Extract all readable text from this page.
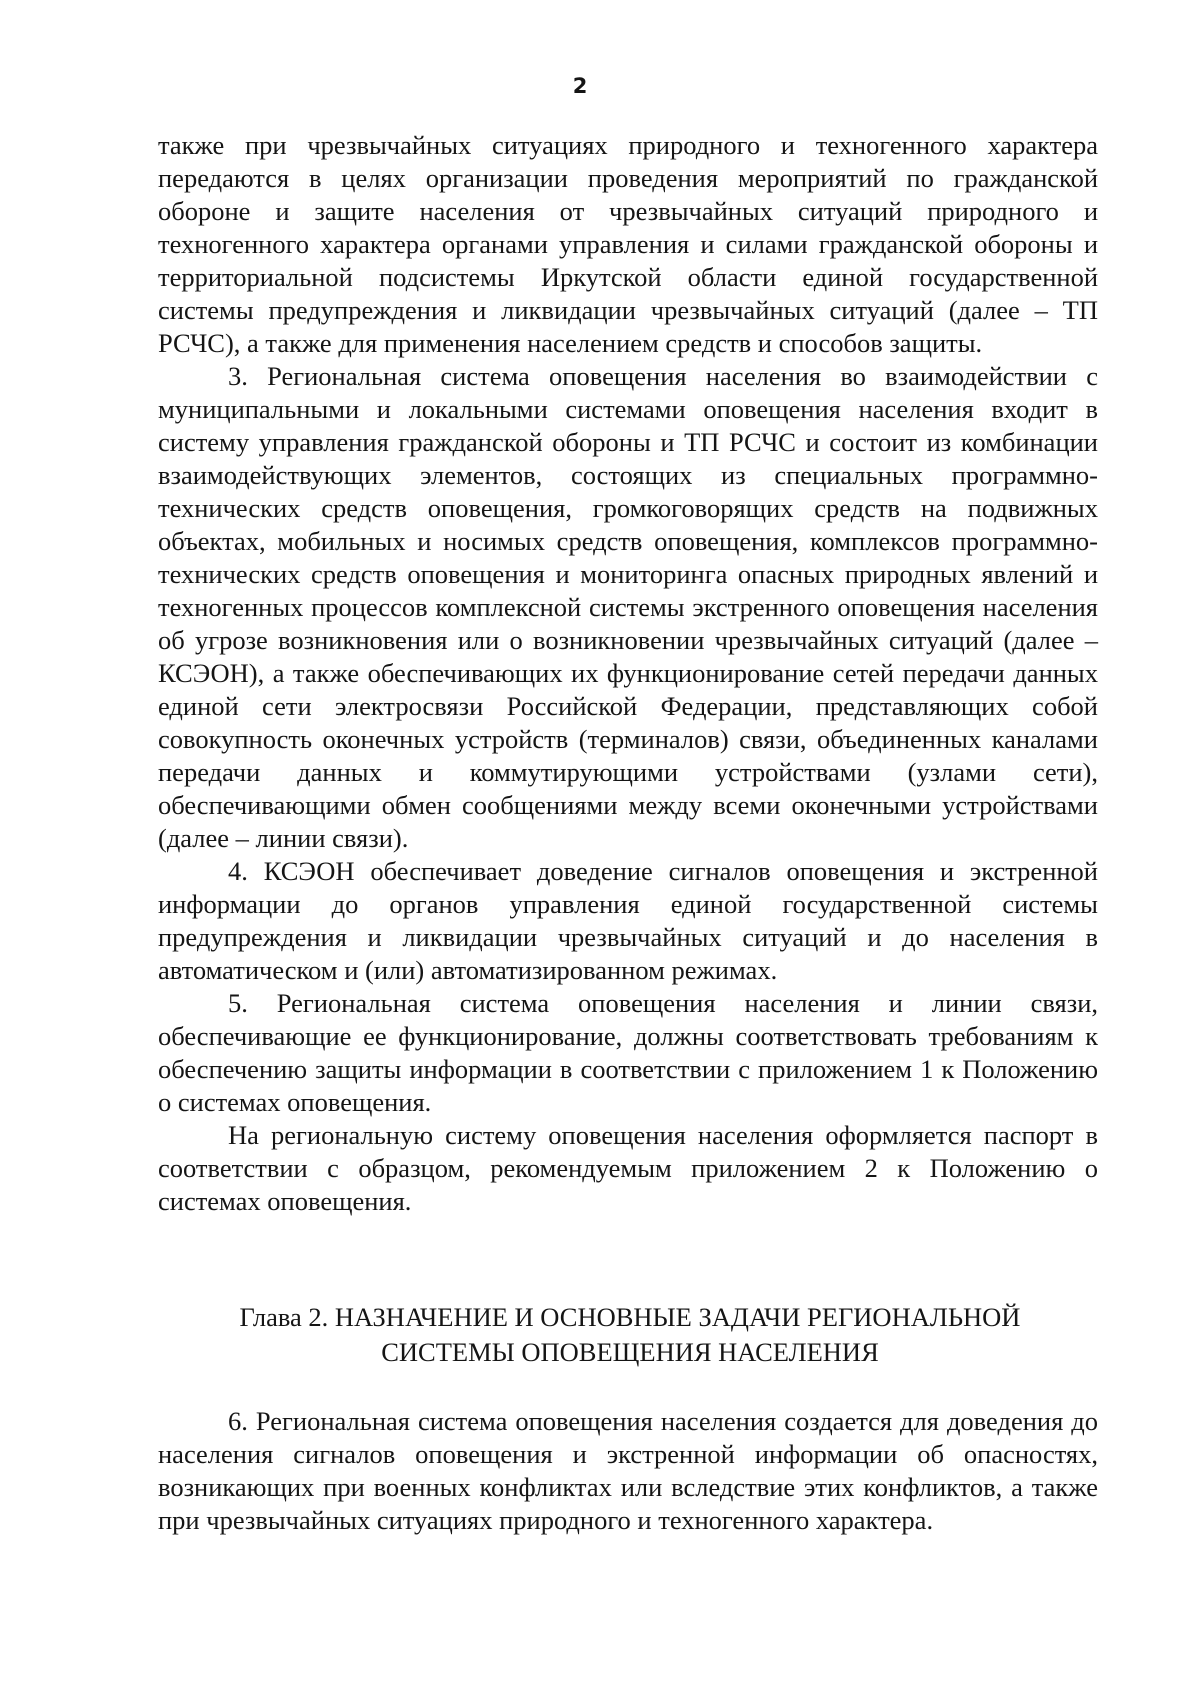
2

также при чрезвычайных ситуациях природного и техногенного характера передаются в целях организации проведения мероприятий по гражданской обороне и защите населения от чрезвычайных ситуаций природного и техногенного характера органами управления и силами гражданской обороны и территориальной подсистемы Иркутской области единой государственной системы предупреждения и ликвидации чрезвычайных ситуаций (далее – ТП РСЧС), а также для применения населением средств и способов защиты.

3. Региональная система оповещения населения во взаимодействии с муниципальными и локальными системами оповещения населения входит в систему управления гражданской обороны и ТП РСЧС и состоит из комбинации взаимодействующих элементов, состоящих из специальных программно-технических средств оповещения, громкоговорящих средств на подвижных объектах, мобильных и носимых средств оповещения, комплексов программно-технических средств оповещения и мониторинга опасных природных явлений и техногенных процессов комплексной системы экстренного оповещения населения об угрозе возникновения или о возникновении чрезвычайных ситуаций (далее – КСЭОН), а также обеспечивающих их функционирование сетей передачи данных единой сети электросвязи Российской Федерации, представляющих собой совокупность оконечных устройств (терминалов) связи, объединенных каналами передачи данных и коммутирующими устройствами (узлами сети), обеспечивающими обмен сообщениями между всеми оконечными устройствами (далее – линии связи).

4. КСЭОН обеспечивает доведение сигналов оповещения и экстренной информации до органов управления единой государственной системы предупреждения и ликвидации чрезвычайных ситуаций и до населения в автоматическом и (или) автоматизированном режимах.

5. Региональная система оповещения населения и линии связи, обеспечивающие ее функционирование, должны соответствовать требованиям к обеспечению защиты информации в соответствии с приложением 1 к Положению о системах оповещения.

На региональную систему оповещения населения оформляется паспорт в соответствии с образцом, рекомендуемым приложением 2 к Положению о системах оповещения.

Глава 2. НАЗНАЧЕНИЕ И ОСНОВНЫЕ ЗАДАЧИ РЕГИОНАЛЬНОЙ
СИСТЕМЫ ОПОВЕЩЕНИЯ НАСЕЛЕНИЯ

6. Региональная система оповещения населения создается для доведения до населения сигналов оповещения и экстренной информации об опасностях, возникающих при военных конфликтах или вследствие этих конфликтов, а также при чрезвычайных ситуациях природного и техногенного характера.
